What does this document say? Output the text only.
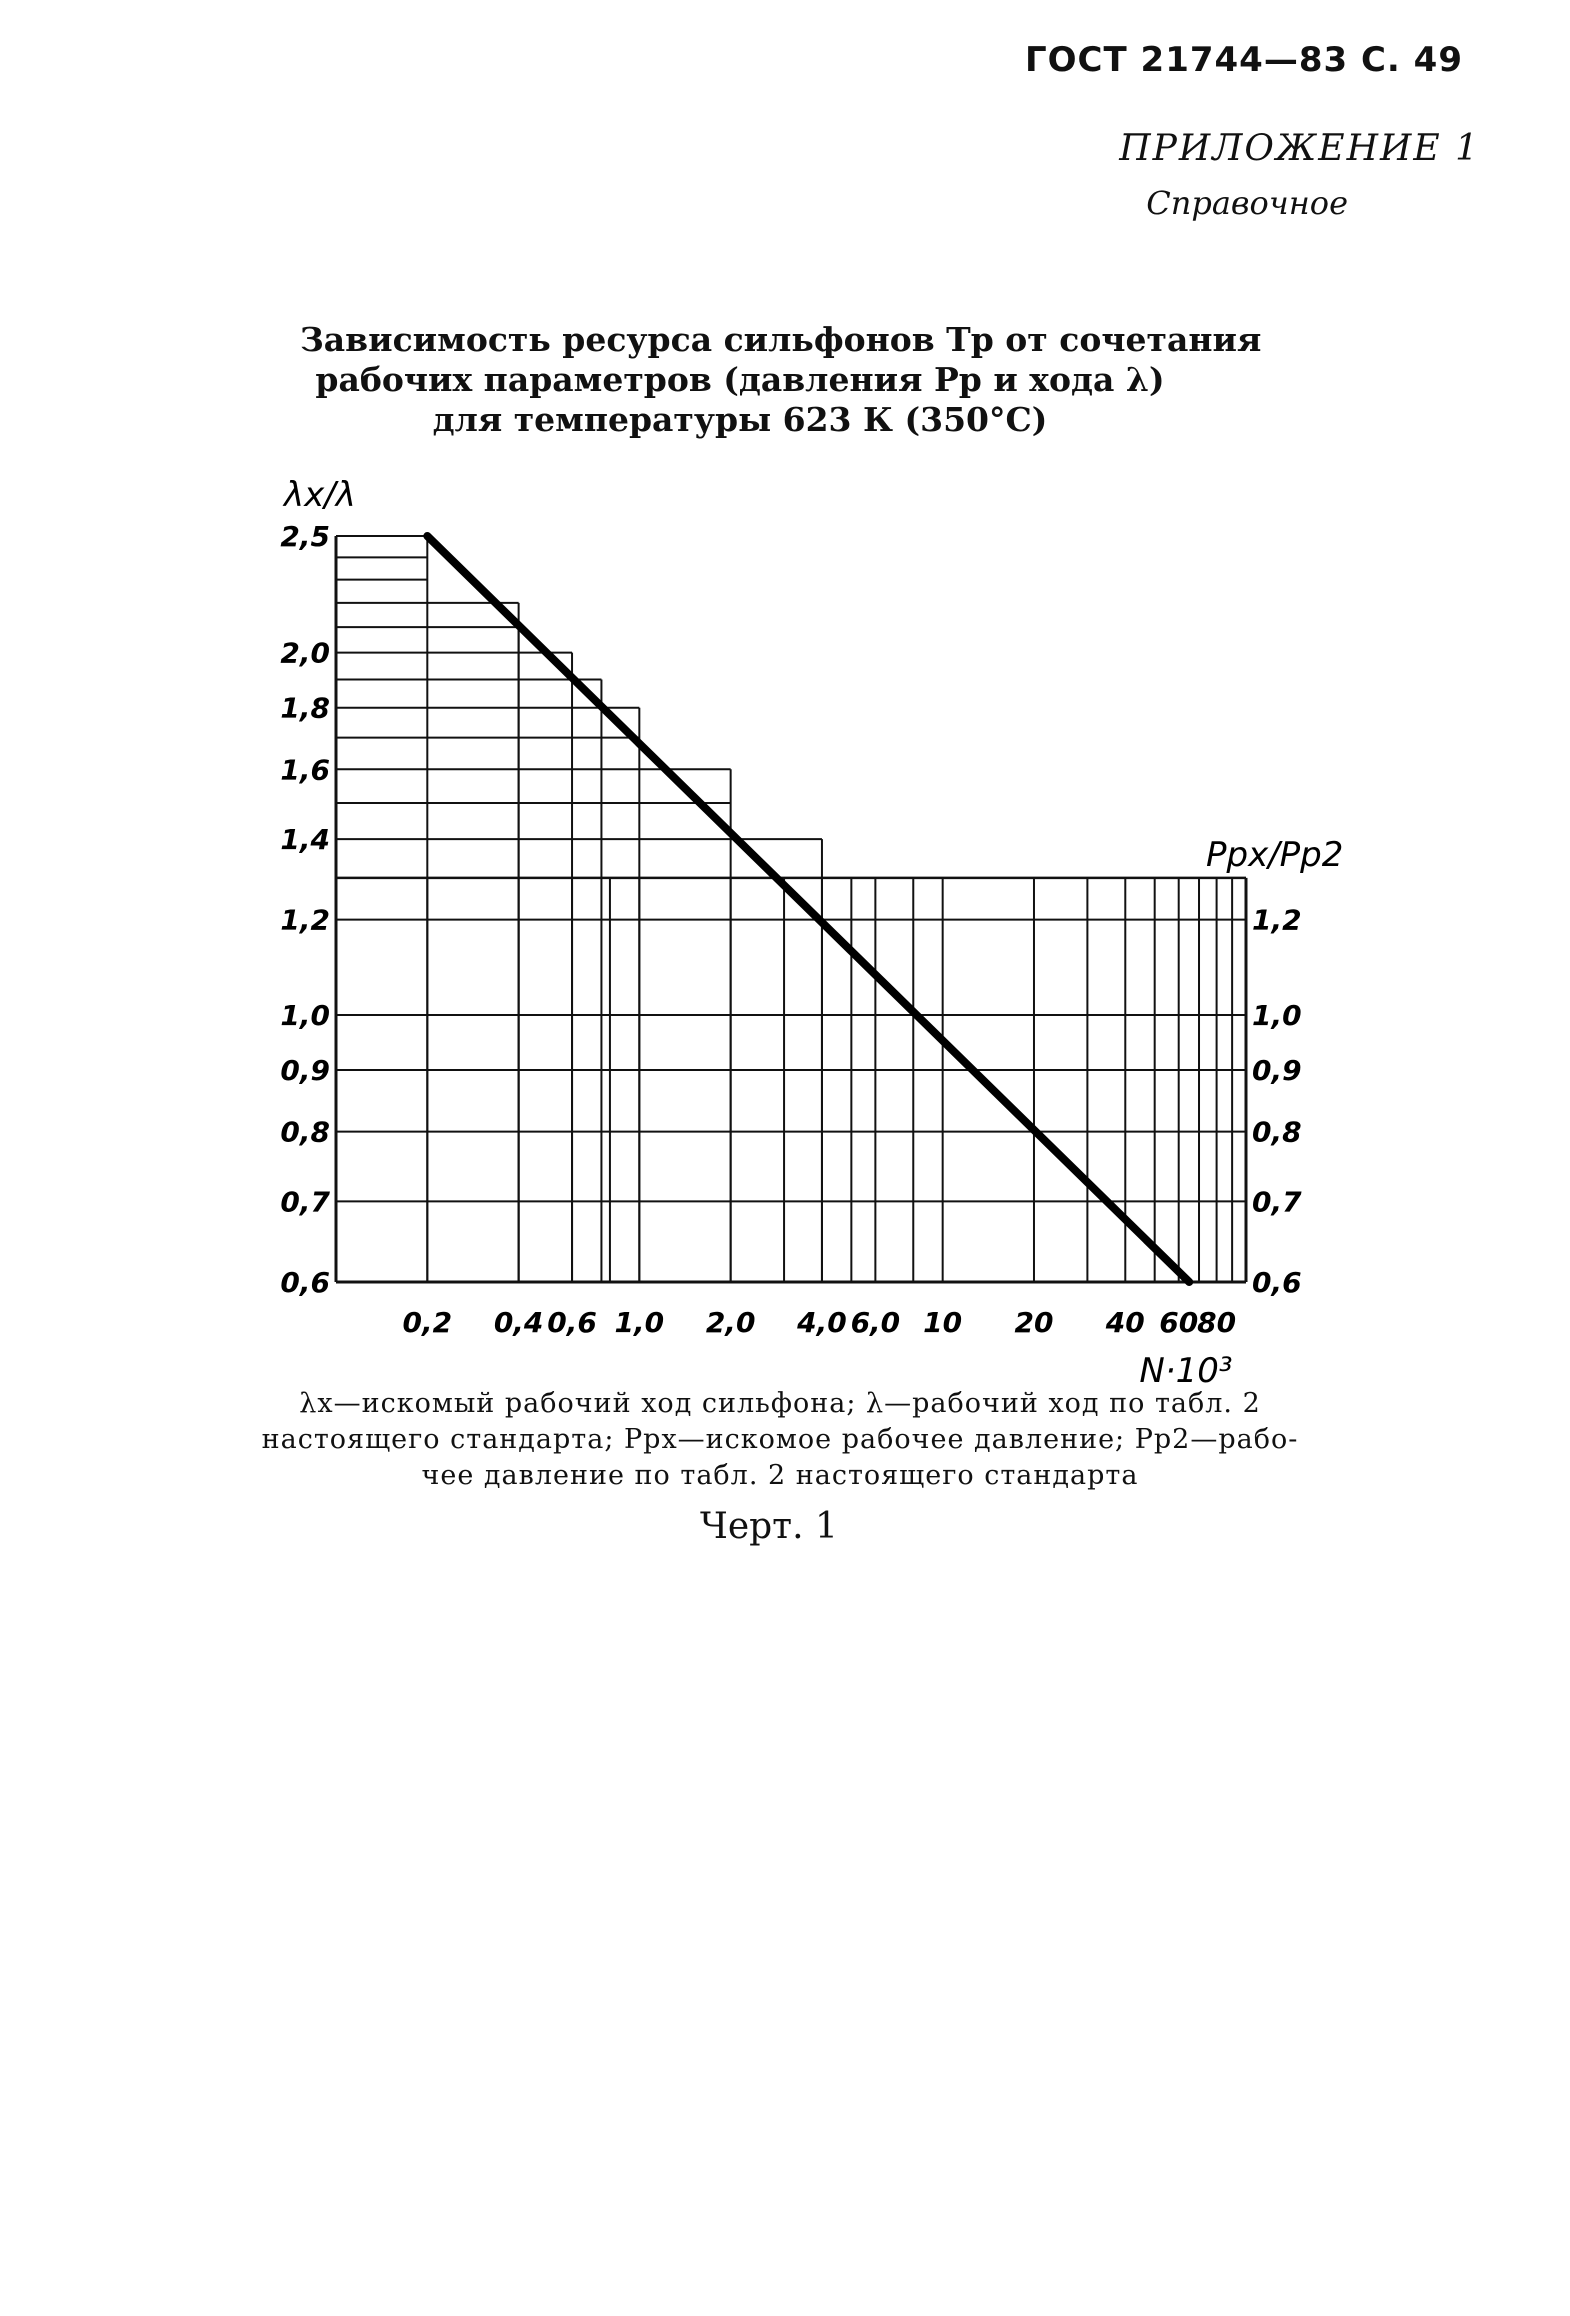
ГОСТ 21744—83 С. 49
ПРИЛОЖЕНИЕ 1
Справочное
Зависимость ресурса сильфонов Tр от сочетания
рабочих параметров (давления Pр и хода λ)
для температуры 623 К (350°С)
2,5
2,0
1,8
1,6
1,4
1,2
1,0
0,9
0,8
0,7
0,6
1,2
1,0
0,9
0,8
0,7
0,6
0,2 0,4 0,6 1,0 2,0 4,0 6,0 10 20 40 60
80
λx/λ
Ppx/Pp2
N·10³
λx—искомый рабочий ход сильфона; λ—рабочий ход по табл. 2
настоящего стандарта; Ppx—искомое рабочее давление; Pp2—рабо-
чее давление по табл. 2 настоящего стандарта
Черт. 1
